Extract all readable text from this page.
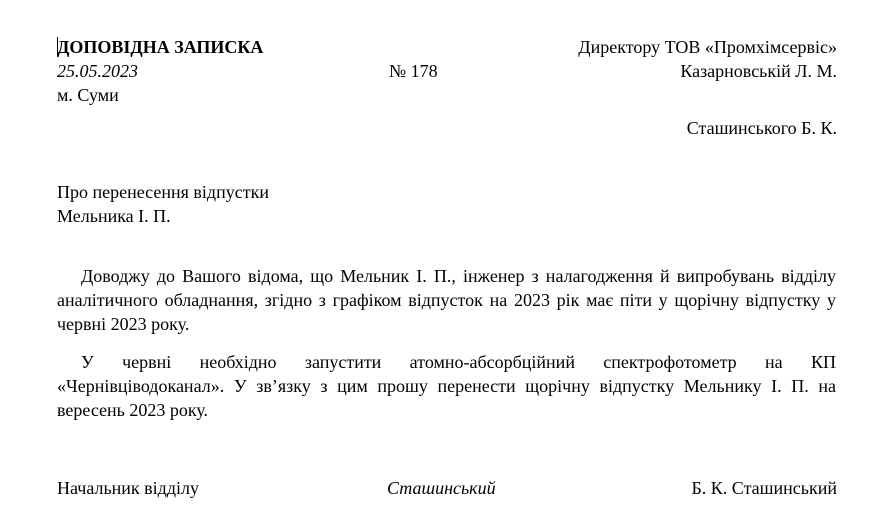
ДОПОВІДНА ЗАПИСКА	Директору ТОВ «Промхімсервіс»
25.05.2023	№ 178	Казарновській Л. М.
м. Суми
Сташинського Б. К.
Про перенесення відпустки
Мельника І. П.

Доводжу до Вашого відома, що Мельник І. П., інженер з налагодження й випробувань відділу аналітичного обладнання, згідно з графіком відпусток на 2023 рік має піти у щорічну відпустку у червні 2023 року.

У червні необхідно запустити атомно-абсорбційний спектрофотометр на КП «Чернівціводоканал». У зв’язку з цим прошу перенести щорічну відпустку Мельнику І. П. на вересень 2023 року.

Начальник відділу	Сташинський	Б. К. Сташинський
